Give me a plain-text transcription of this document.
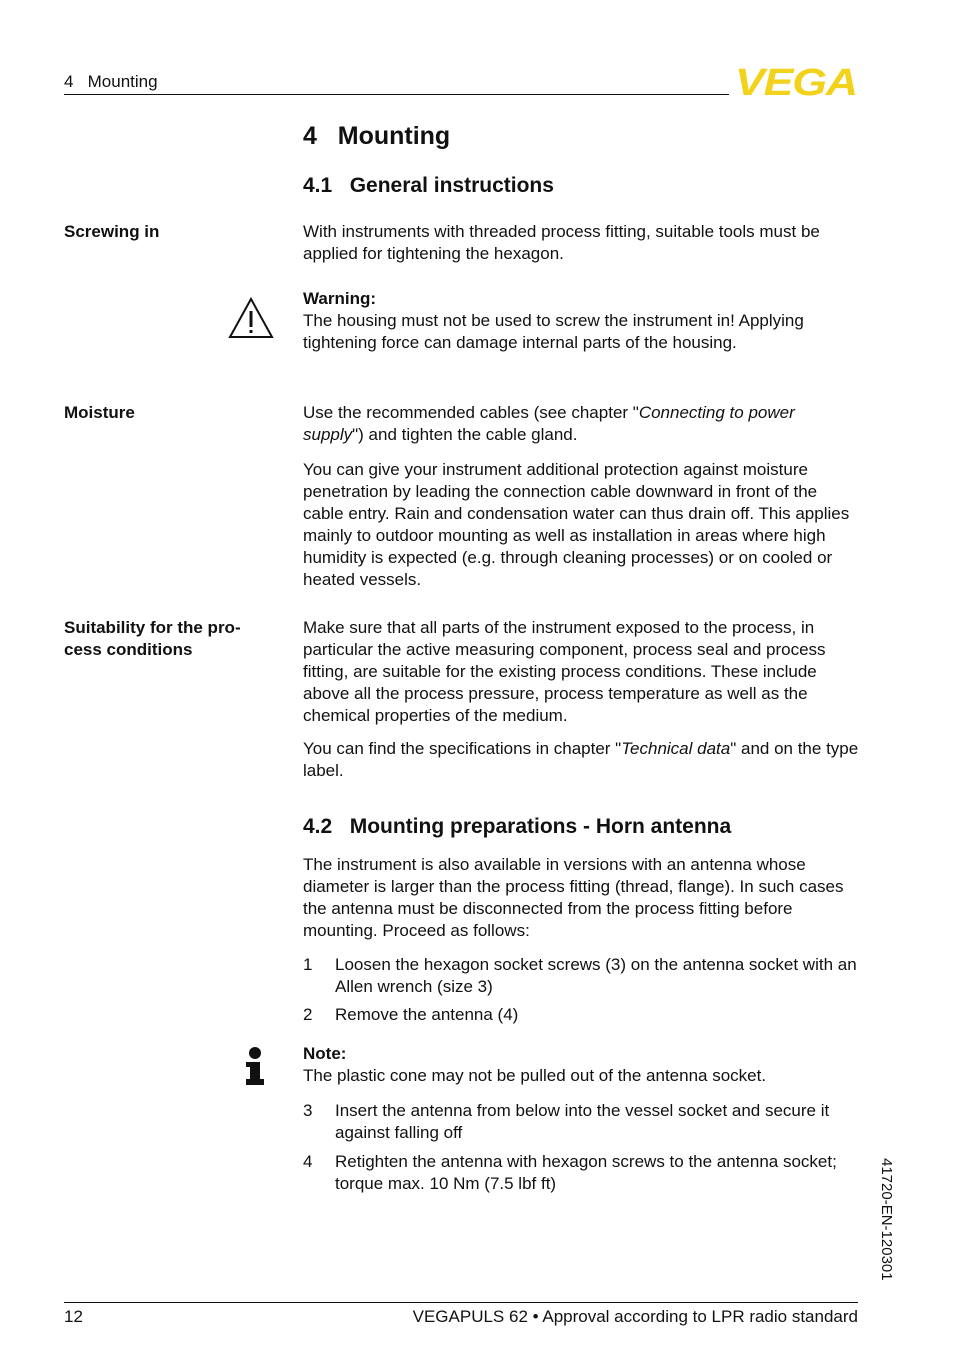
4   Mounting	VEGA
4   Mounting
4.1   General instructions
Screwing in	With instruments with threaded process fitting, suitable tools must be applied for tightening the hexagon.
Warning:
The housing must not be used to screw the instrument in! Applying tightening force can damage internal parts of the housing.
Moisture	Use the recommended cables (see chapter "Connecting to power supply") and tighten the cable gland.
You can give your instrument additional protection against moisture penetration by leading the connection cable downward in front of the cable entry. Rain and condensation water can thus drain off. This applies mainly to outdoor mounting as well as installation in areas where high humidity is expected (e.g. through cleaning processes) or on cooled or heated vessels.
Suitability for the pro-cess conditions
Make sure that all parts of the instrument exposed to the process, in particular the active measuring component, process seal and process fitting, are suitable for the existing process conditions. These include above all the process pressure, process temperature as well as the chemical properties of the medium.
You can find the specifications in chapter "Technical data" and on the type label.
4.2   Mounting preparations - Horn antenna
The instrument is also available in versions with an antenna whose diameter is larger than the process fitting (thread, flange). In such cases the antenna must be disconnected from the process fitting before mounting. Proceed as follows:
1 Loosen the hexagon socket screws (3) on the antenna socket with an Allen wrench (size 3)
2 Remove the antenna (4)
Note:
The plastic cone may not be pulled out of the antenna socket.
3 Insert the antenna from below into the vessel socket and secure it against falling off
4 Retighten the antenna with hexagon screws to the antenna socket; torque max. 10 Nm (7.5 lbf ft)	41720-EN-120301
12	VEGAPULS 62 • Approval according to LPR radio standard
